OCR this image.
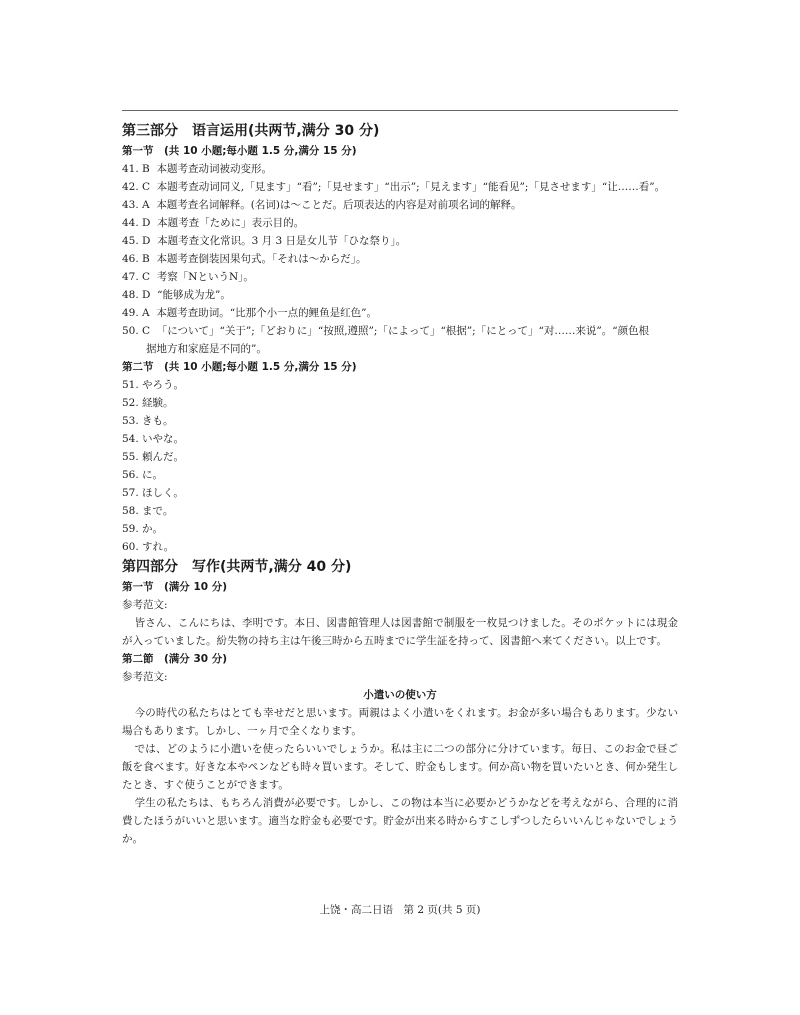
第三部分　语言运用(共两节,满分 30 分)

第一节　(共 10 小题;每小题 1.5 分,满分 15 分)

41. B 本题考查动词被动变形。

42. C 本题考查动词同义,「見ます」“看”;「見せます」“出示”;「見えます」“能看见”;「見させます」“让……看”。

43. A 本题考查名词解释。(名词)は～ことだ。后项表达的内容是对前项名词的解释。

44. D 本题考查「ために」表示目的。

45. D 本题考查文化常识。3 月 3 日是女儿节「ひな祭り」。

46. B 本题考查倒装因果句式。「それは～からだ」。

47. C 考察「NというN」。

48. D “能够成为龙”。

49. A 本题考查助词。“比那个小一点的鲤鱼是红色”。

50. C 「について」“关于”;「どおりに」“按照,遵照”;「によって」“根据”;「にとって」“对……来说”。“颜色根

据地方和家庭是不同的”。

第二节　(共 10 小题;每小题 1.5 分,满分 15 分)

51. やろう。

52. 経験。

53. きも。

54. いやな。

55. 頼んだ。

56. に。

57. ほしく。

58. まで。

59. か。

60. すれ。

第四部分　写作(共两节,满分 40 分)

第一节　(满分 10 分)

参考范文:

皆さん、こんにちは、李明です。本日、図書館管理人は図書館で制服を一枚見つけました。そのポケットには現金が入っていました。紛失物の持ち主は午後三時から五時までに学生証を持って、図書館へ来てください。以上です。

第二節　(满分 30 分)

参考范文:

小遣いの使い方

今の時代の私たちはとても幸せだと思います。両親はよく小遣いをくれます。お金が多い場合もあります。少ない場合もあります。しかし、一ヶ月で全くなります。

では、どのように小遣いを使ったらいいでしょうか。私は主に二つの部分に分けています。毎日、このお金で昼ご飯を食べます。好きな本やペンなども時々買います。そして、貯金もします。何か高い物を買いたいとき、何か発生したとき、すぐ使うことができます。

学生の私たちは、もちろん消費が必要です。しかし、この物は本当に必要かどうかなどを考えながら、合理的に消費したほうがいいと思います。適当な貯金も必要です。貯金が出来る時からすこしずつしたらいいんじゃないでしょうか。

上饶・高二日语　第 2 页(共 5 页)
